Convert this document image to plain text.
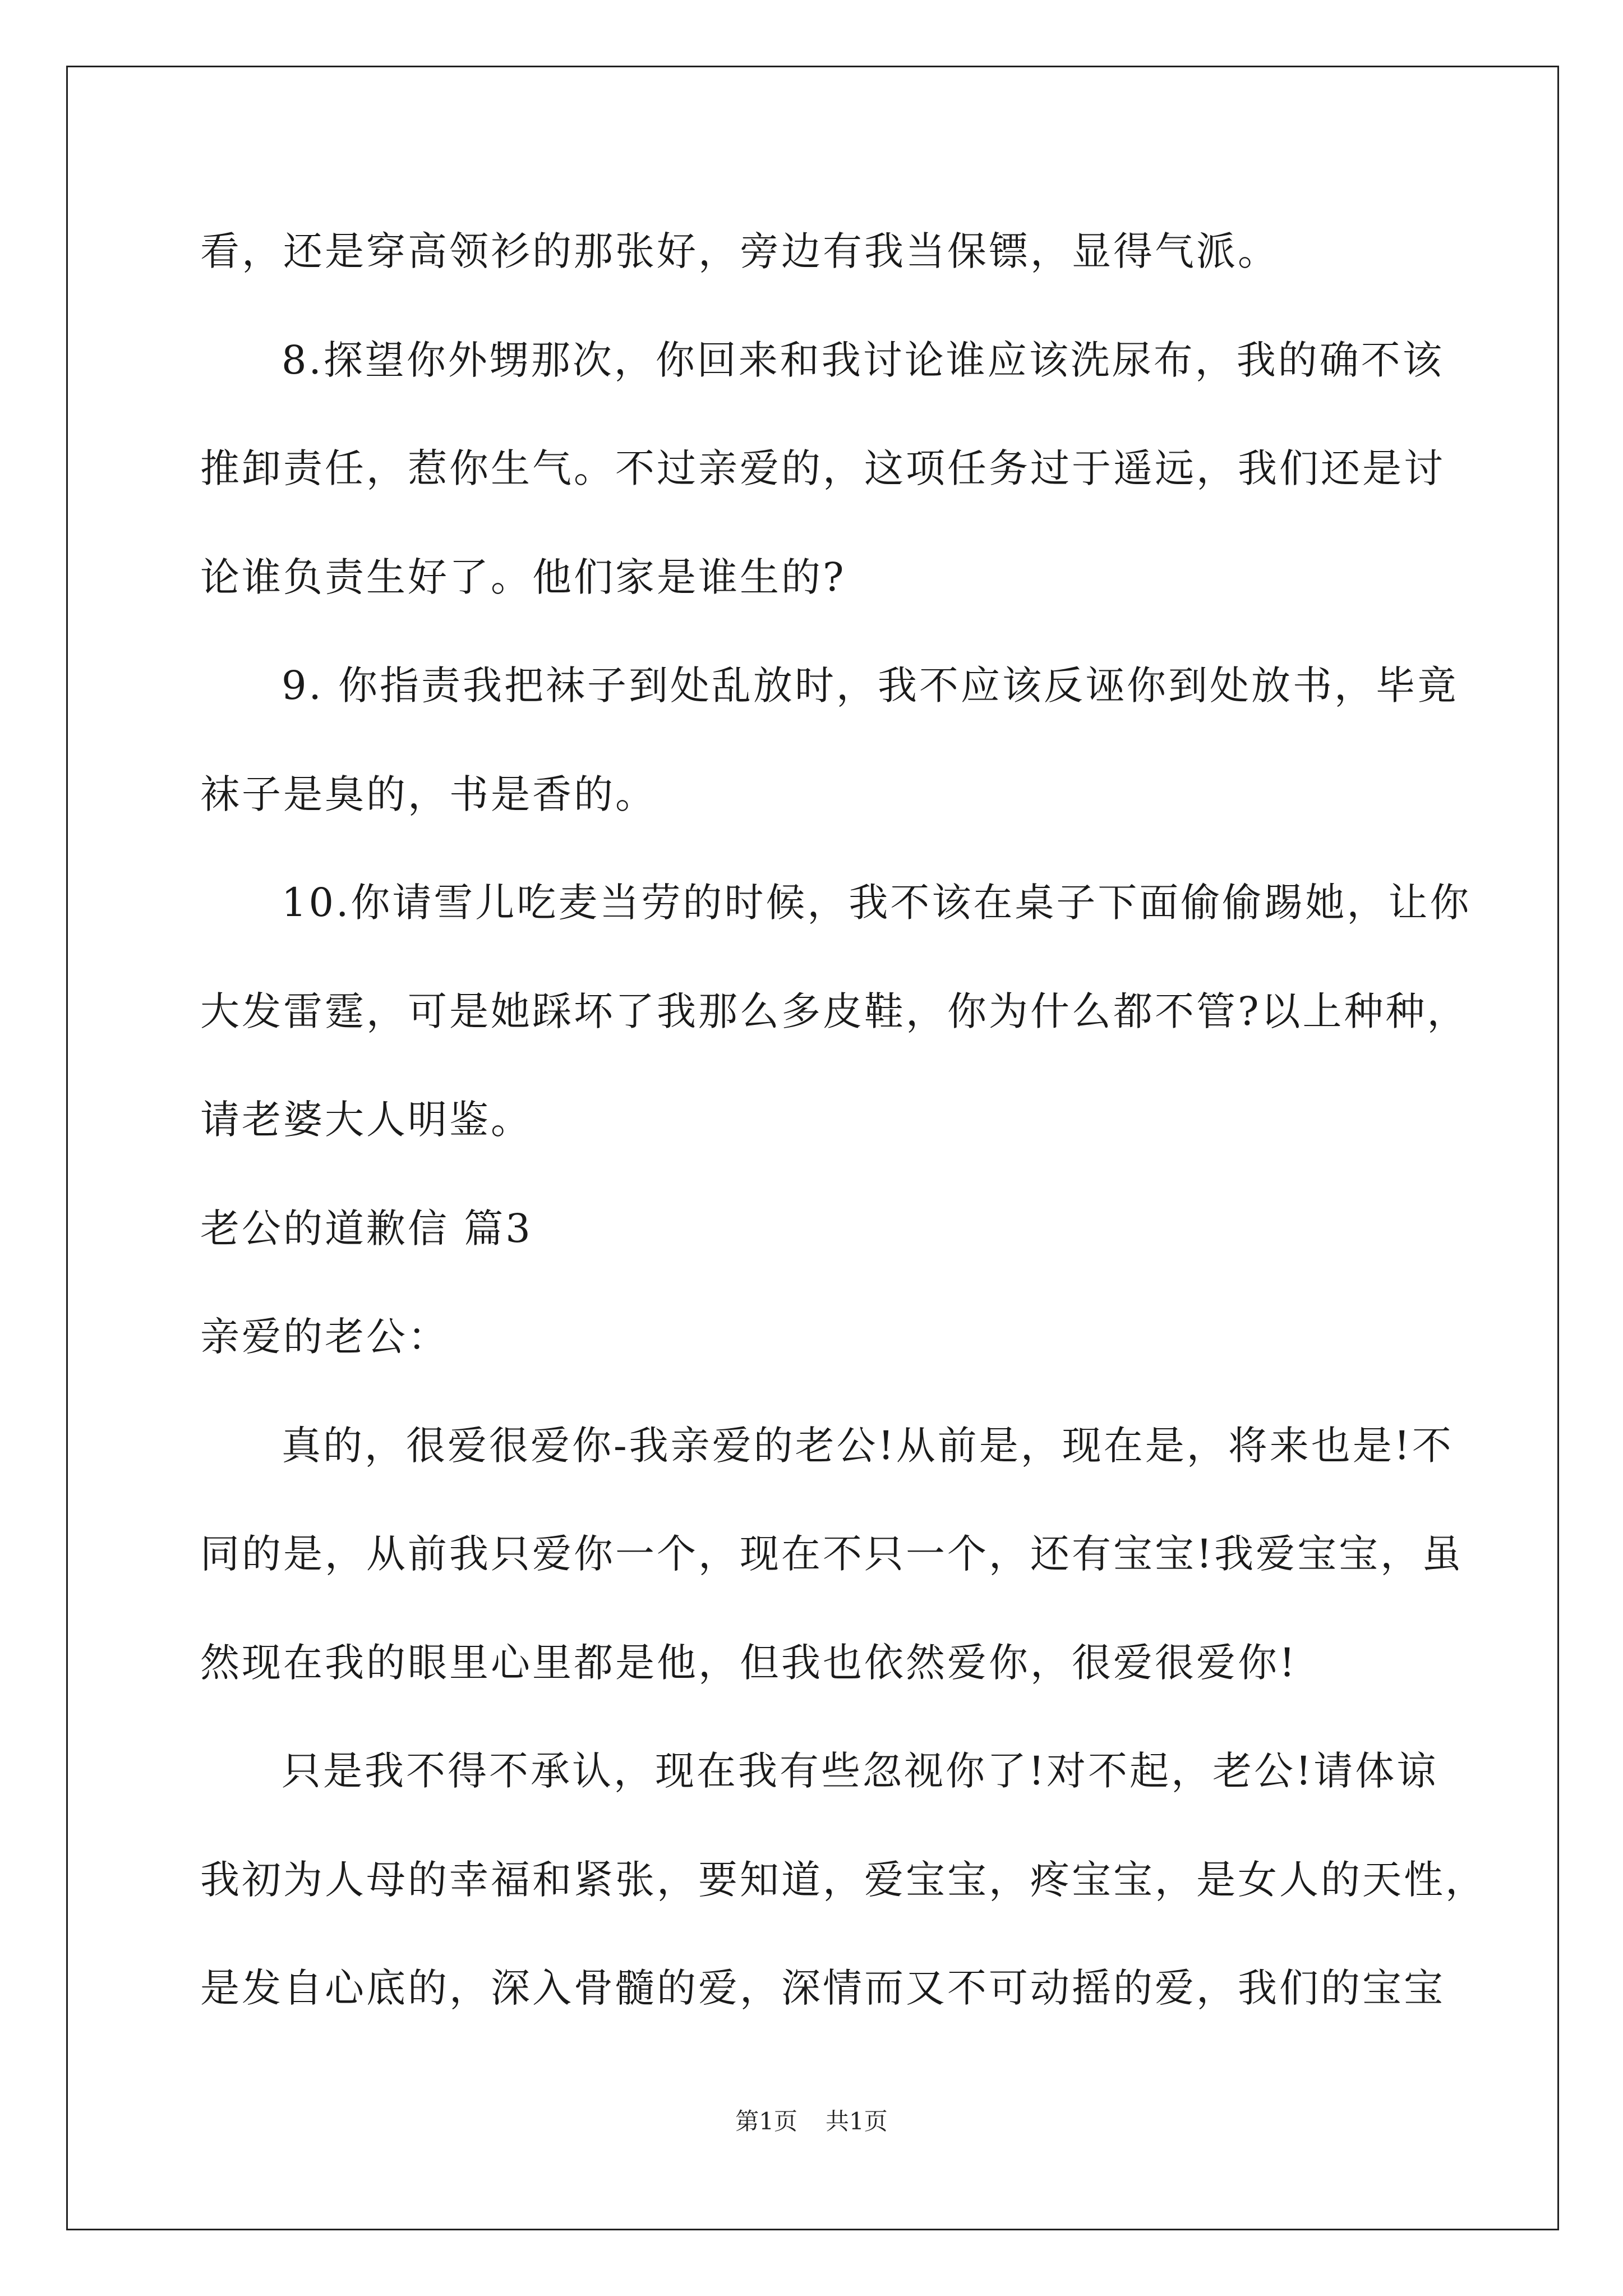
看，还是穿高领衫的那张好，旁边有我当保镖，显得气派。
8.探望你外甥那次，你回来和我讨论谁应该洗尿布，我的确不该
推卸责任，惹你生气。不过亲爱的，这项任务过于遥远，我们还是讨
论谁负责生好了。他们家是谁生的?
9. 你指责我把袜子到处乱放时，我不应该反诬你到处放书，毕竟
袜子是臭的，书是香的。
10.你请雪儿吃麦当劳的时候，我不该在桌子下面偷偷踢她，让你
大发雷霆，可是她踩坏了我那么多皮鞋，你为什么都不管?以上种种，
请老婆大人明鉴。
老公的道歉信 篇3
亲爱的老公：
真的，很爱很爱你-我亲爱的老公!从前是，现在是，将来也是!不
同的是，从前我只爱你一个，现在不只一个，还有宝宝!我爱宝宝，虽
然现在我的眼里心里都是他，但我也依然爱你，很爱很爱你!
只是我不得不承认，现在我有些忽视你了!对不起，老公!请体谅
我初为人母的幸福和紧张，要知道，爱宝宝，疼宝宝，是女人的天性，
是发自心底的，深入骨髓的爱，深情而又不可动摇的爱，我们的宝宝
第1页 共1页
